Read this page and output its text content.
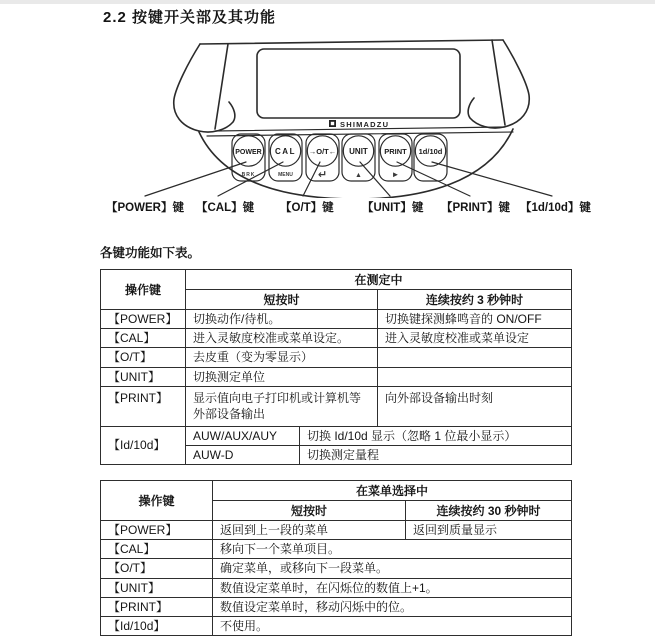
2.2 按键开关部及其功能
SHIMADZU
POWER
BRK
CAL
MENU
→O/T←
↵
UNIT
▲
PRINT
►
1d/10d
【POWER】键 【CAL】键 【O/T】键 【UNIT】键 【PRINT】键 【1d/10d】键
各键功能如下表。
操作键	在测定中		
	短按时		连续按约 3 秒钟时
【POWER】	切换动作/待机。		切换键探测蜂鸣音的 ON/OFF
【CAL】	进入灵敏度校准或菜单设定。		进入灵敏度校准或菜单设定
【O/T】	去皮重（变为零显示）		
【UNIT】	切换测定单位		
【PRINT】	显示值向电子打印机或计算机等外部设备输出		向外部设备输出时刻
【Id/10d】	AUW/AUX/AUY	切换 Id/10d 显示（忽略 1 位最小显示）	
	AUW-D	切换测定量程	
操作键	在菜单选择中	
	短按时	连续按约 30 秒钟时
【POWER】	返回到上一段的菜单	返回到质量显示
【CAL】	移向下一个菜单项目。	
【O/T】	确定菜单，或移向下一段菜单。	
【UNIT】	数值设定菜单时，在闪烁位的数值上+1。	
【PRINT】	数值设定菜单时，移动闪烁中的位。	
【Id/10d】	不使用。	
